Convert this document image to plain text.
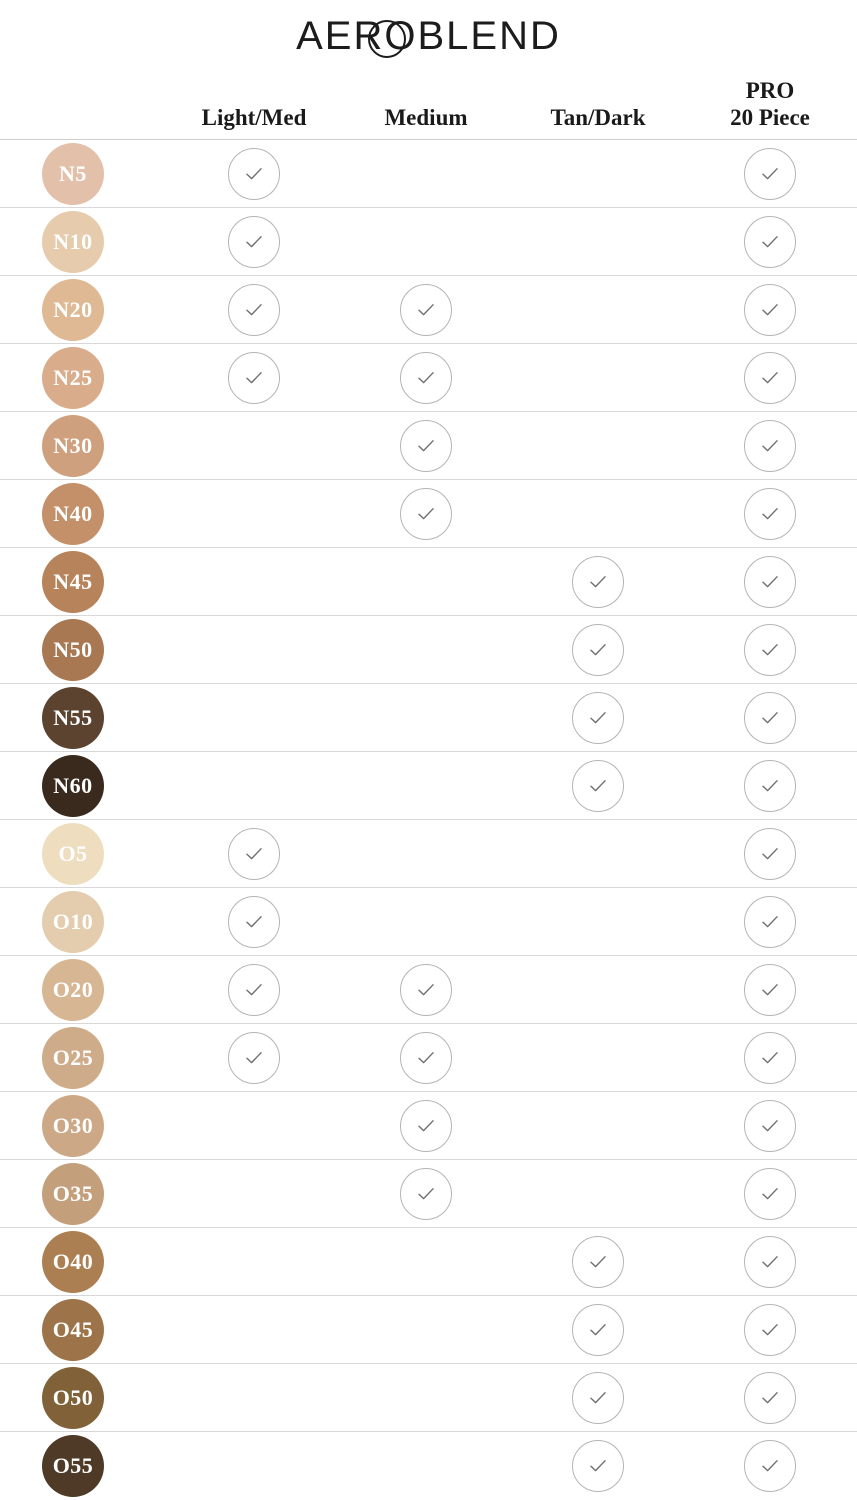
AERO
BLEND
Light/Med	Medium	Tan/Dark
PRO
20 Piece
N5
N10
N20
N25
N30
N40
N45
N50
N55
N60
O5
O10
O20
O25
O30
O35
O40
O45
O50
O55
